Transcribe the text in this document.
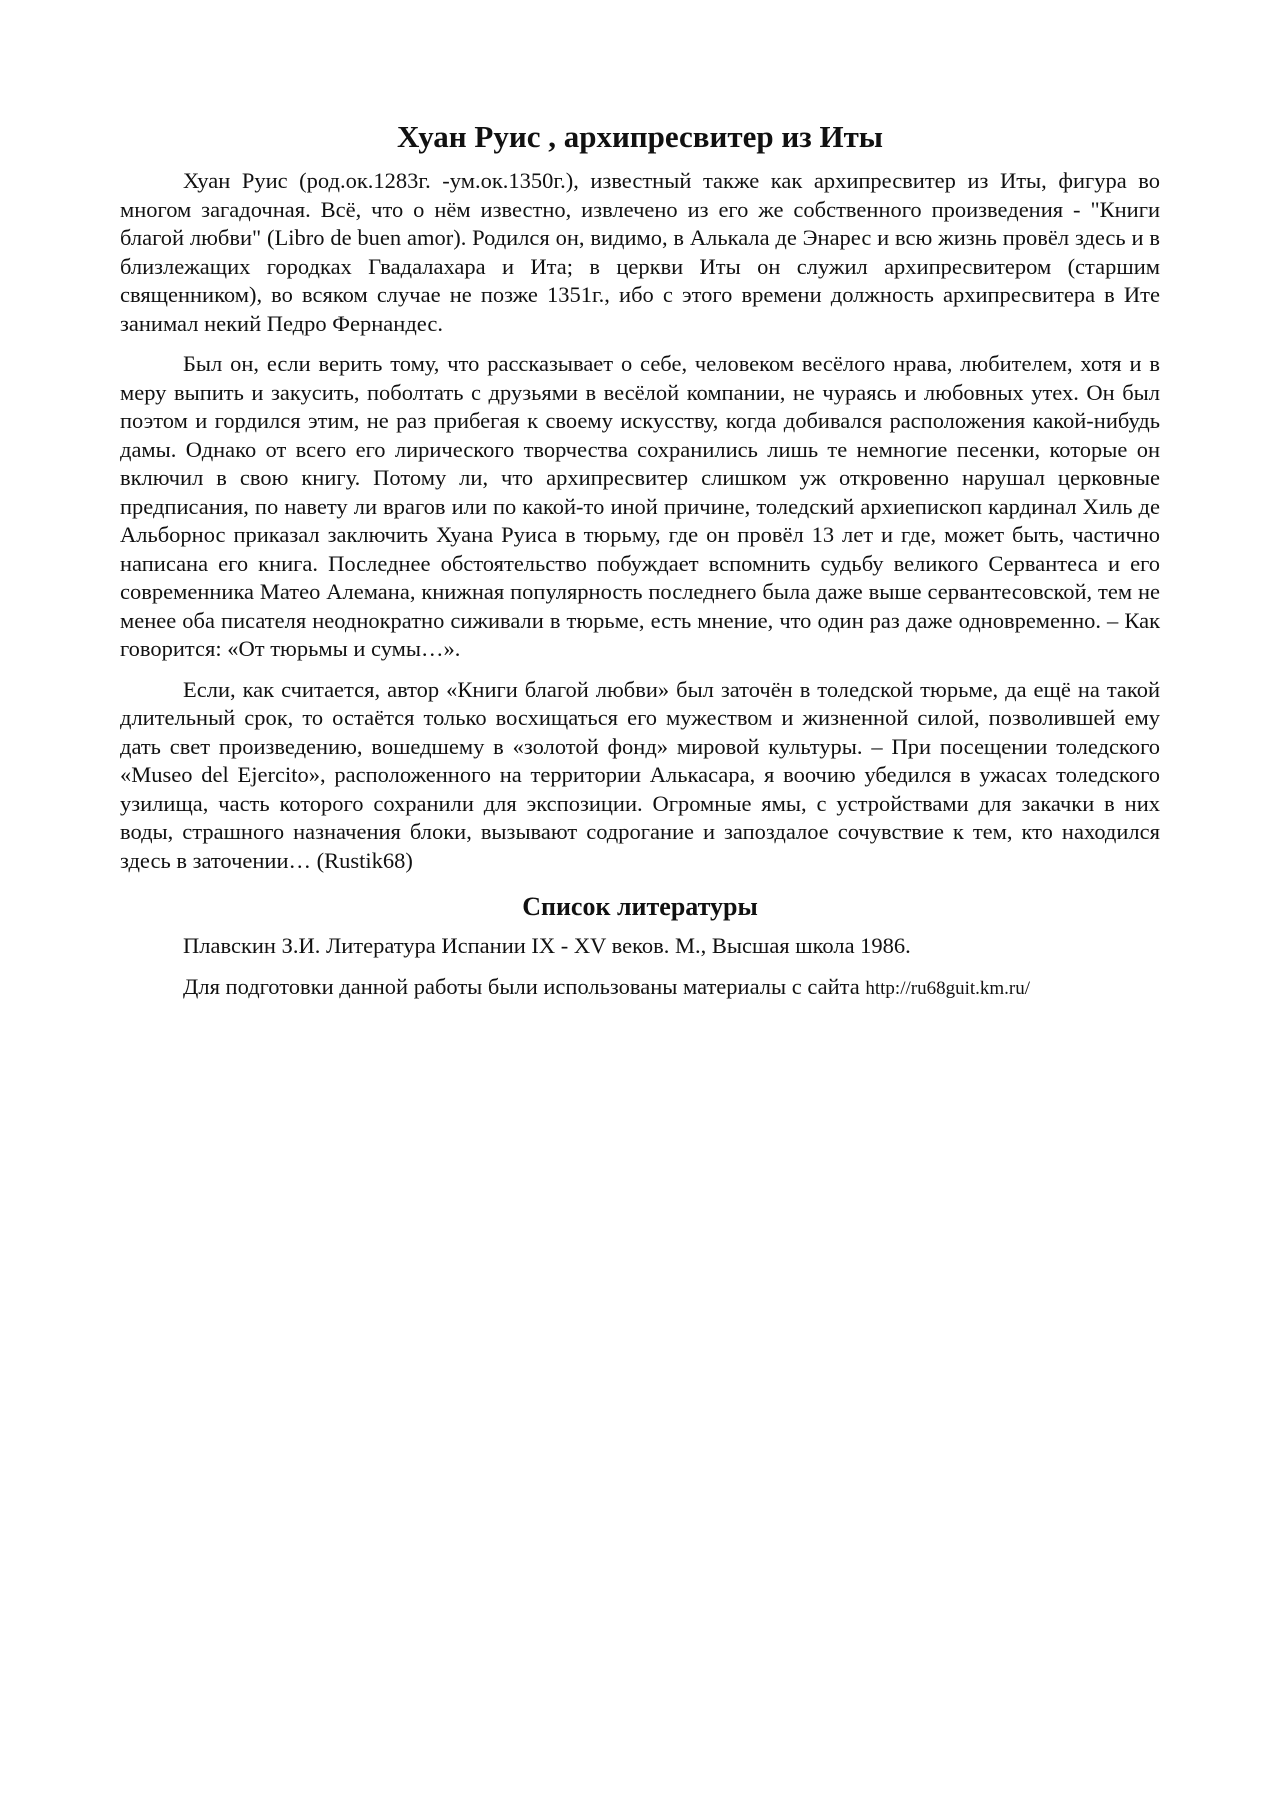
Хуан Руис , архипресвитер из Иты

Хуан Руис (род.ок.1283г. -ум.ок.1350г.), известный также как архипресвитер из Иты, фигура во многом загадочная. Всё, что о нём известно, извлечено из его же собственного произведения - "Книги благой любви" (Libro de buen amor). Родился он, видимо, в Алькала де Энарес и всю жизнь провёл здесь и в близлежащих городках Гвадалахара и Ита; в церкви Иты он служил архипресвитером (старшим священником), во всяком случае не позже 1351г., ибо с этого времени должность архипресвитера в Ите занимал некий Педро Фернандес.

Был он, если верить тому, что рассказывает о себе, человеком весёлого нрава, любителем, хотя и в меру выпить и закусить, поболтать с друзьями в весёлой компании, не чураясь и любовных утех. Он был поэтом и гордился этим, не раз прибегая к своему искусству, когда добивался расположения какой-нибудь дамы. Однако от всего его лирического творчества сохранились лишь те немногие песенки, которые он включил в свою книгу. Потому ли, что архипресвитер слишком уж откровенно нарушал церковные предписания, по навету ли врагов или по какой-то иной причине, толедский архиепископ кардинал Хиль де Альборнос приказал заключить Хуана Руиса в тюрьму, где он провёл 13 лет и где, может быть, частично написана его книга. Последнее обстоятельство побуждает вспомнить судьбу великого Сервантеса и его современника Матео Алемана, книжная популярность последнего была даже выше сервантесовской, тем не менее оба писателя неоднократно сиживали в тюрьме, есть мнение, что один раз даже одновременно. – Как говорится: «От тюрьмы и сумы…».

Если, как считается, автор «Книги благой любви» был заточён в толедской тюрьме, да ещё на такой длительный срок, то остаётся только восхищаться его мужеством и жизненной силой, позволившей ему дать свет произведению, вошедшему в «золотой фонд» мировой культуры. – При посещении толедского «Museo del Ejercito», расположенного на территории Алькасара, я воочию убедился в ужасах толедского узилища, часть которого сохранили для экспозиции. Огромные ямы, с устройствами для закачки в них воды, страшного назначения блоки, вызывают содрогание и запоздалое сочувствие к тем, кто находился здесь в заточении… (Rustik68)

Список литературы

Плавскин З.И. Литература Испании IX - XV веков. М., Высшая школа 1986.

Для подготовки данной работы были использованы материалы с сайта http://ru68guit.km.ru/
